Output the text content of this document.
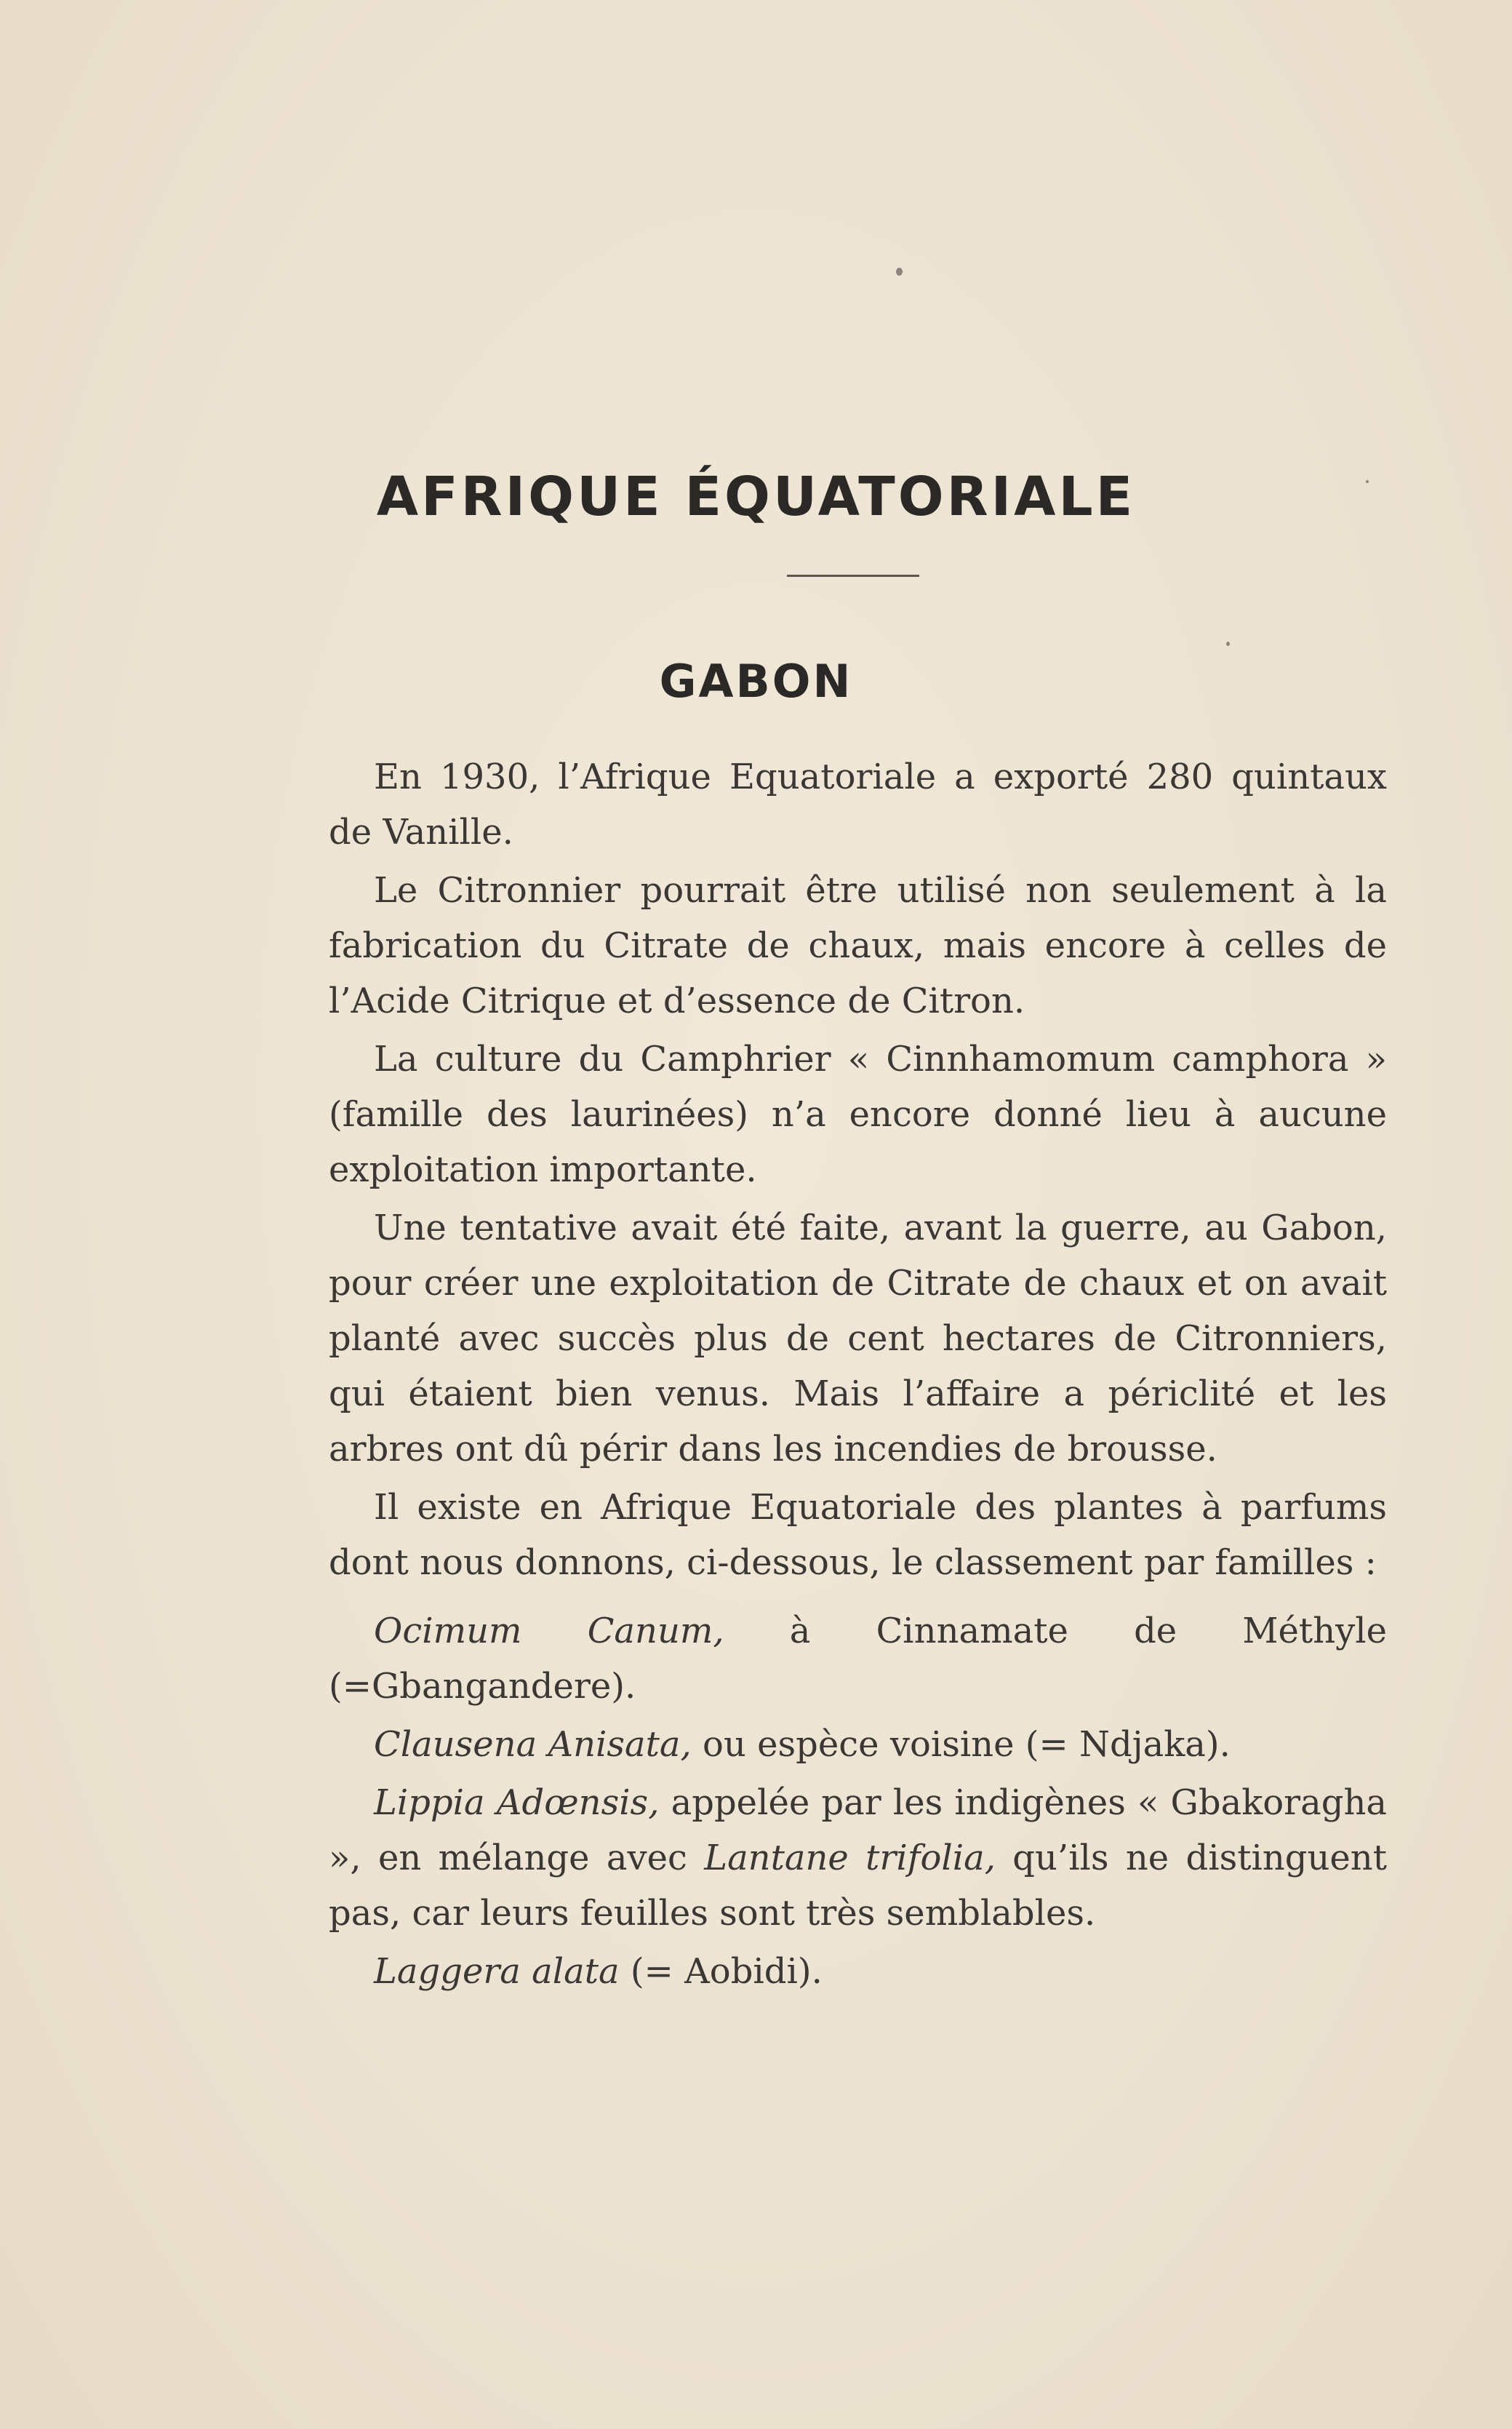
AFRIQUE ÉQUATORIALE
GABON

En 1930, l’Afrique Equatoriale a exporté 280 quintaux de Vanille.

Le Citronnier pourrait être utilisé non seulement à la fabrication du Citrate de chaux, mais encore à celles de l’Acide Citrique et d’essence de Citron.

La culture du Camphrier « Cinnhamomum camphora » (famille des laurinées) n’a encore donné lieu à aucune exploitation importante.

Une tentative avait été faite, avant la guerre, au Gabon, pour créer une exploitation de Citrate de chaux et on avait planté avec succès plus de cent hectares de Citronniers, qui étaient bien venus. Mais l’affaire a périclité et les arbres ont dû périr dans les incendies de brousse.

Il existe en Afrique Equatoriale des plantes à parfums dont nous donnons, ci-dessous, le classement par familles :

Ocimum Canum, à Cinnamate de Méthyle (=Gbangandere).

Clausena Anisata, ou espèce voisine (= Ndjaka).

Lippia Adœnsis, appelée par les indigènes « Gbakoragha », en mélange avec Lantane trifolia, qu’ils ne distinguent pas, car leurs feuilles sont très semblables.

Laggera alata (= Aobidi).
